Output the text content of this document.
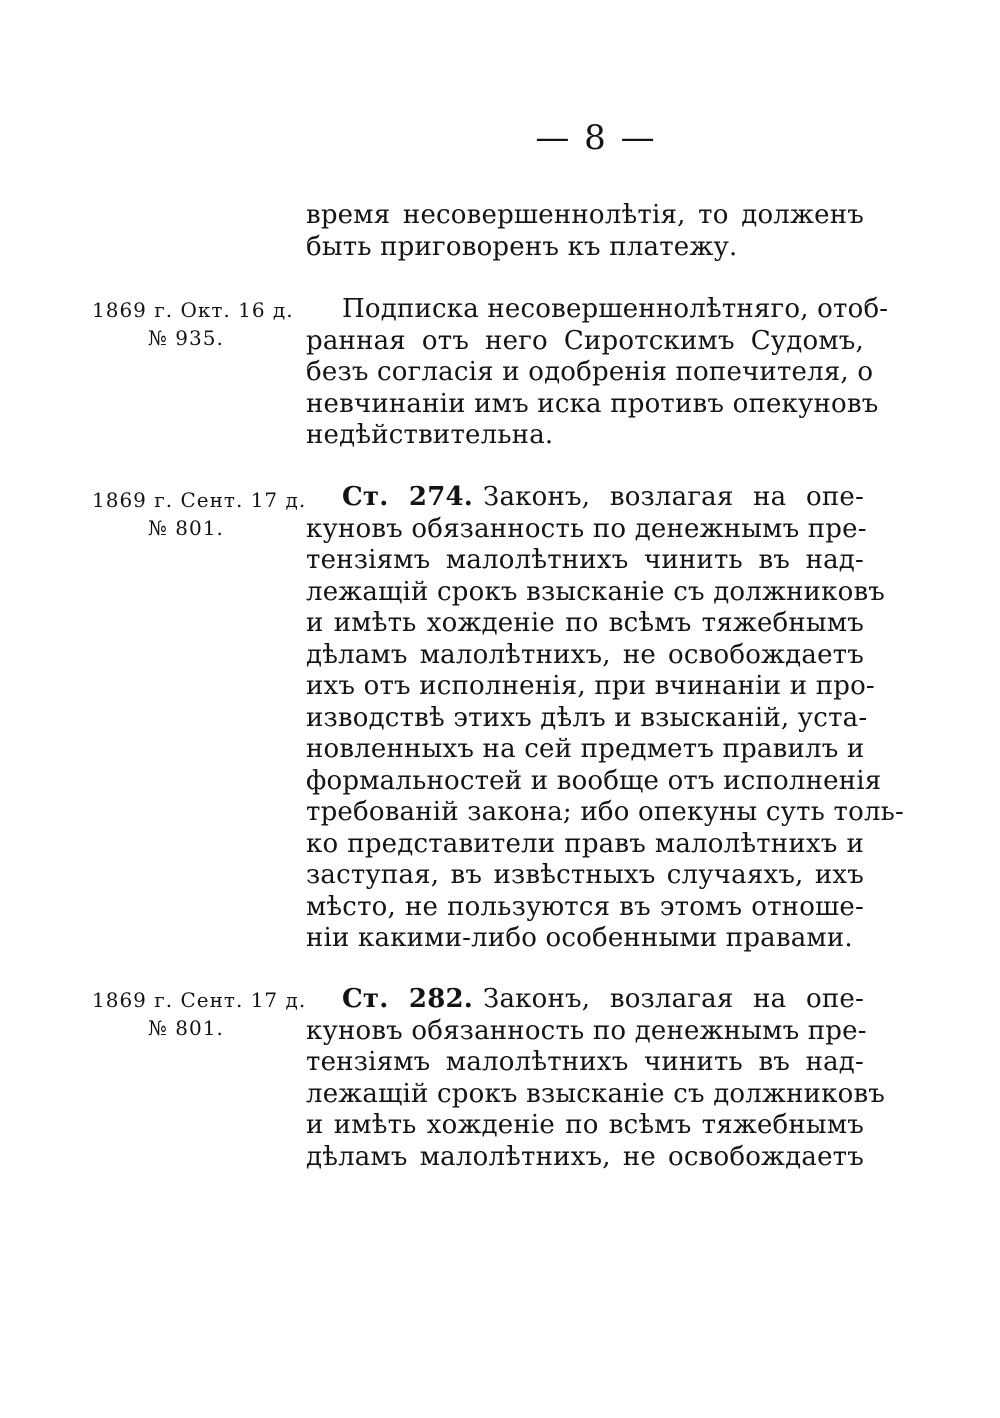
— 8 —
время несовершеннолѣтія, то долженъ
быть приговоренъ къ платежу.
1869 г. Окт. 16 д.
№ 935.
Подписка несовершеннолѣтняго, отоб-
ранная отъ него Сиротскимъ Судомъ,
безъ согласія и одобренія попечителя, о
невчинаніи имъ иска противъ опекуновъ
недѣйствительна.
1869 г. Сент. 17 д.
№ 801.
Ст. 274. Законъ, возлагая на опе-
куновъ обязанность по денежнымъ пре-
тензіямъ малолѣтнихъ чинить въ над-
лежащій срокъ взысканіе съ должниковъ
и имѣть хожденіе по всѣмъ тяжебнымъ
дѣламъ малолѣтнихъ, не освобождаетъ
ихъ отъ исполненія, при вчинаніи и про-
изводствѣ этихъ дѣлъ и взысканій, уста-
новленныхъ на сей предметъ правилъ и
формальностей и вообще отъ исполненія
требованій закона; ибо опекуны суть толь-
ко представители правъ малолѣтнихъ и
заступая, въ извѣстныхъ случаяхъ, ихъ
мѣсто, не пользуются въ этомъ отноше-
ніи какими-либо особенными правами.
1869 г. Сент. 17 д.
№ 801.
Ст. 282. Законъ, возлагая на опе-
куновъ обязанность по денежнымъ пре-
тензіямъ малолѣтнихъ чинить въ над-
лежащій срокъ взысканіе съ должниковъ
и имѣть хожденіе по всѣмъ тяжебнымъ
дѣламъ малолѣтнихъ, не освобождаетъ
